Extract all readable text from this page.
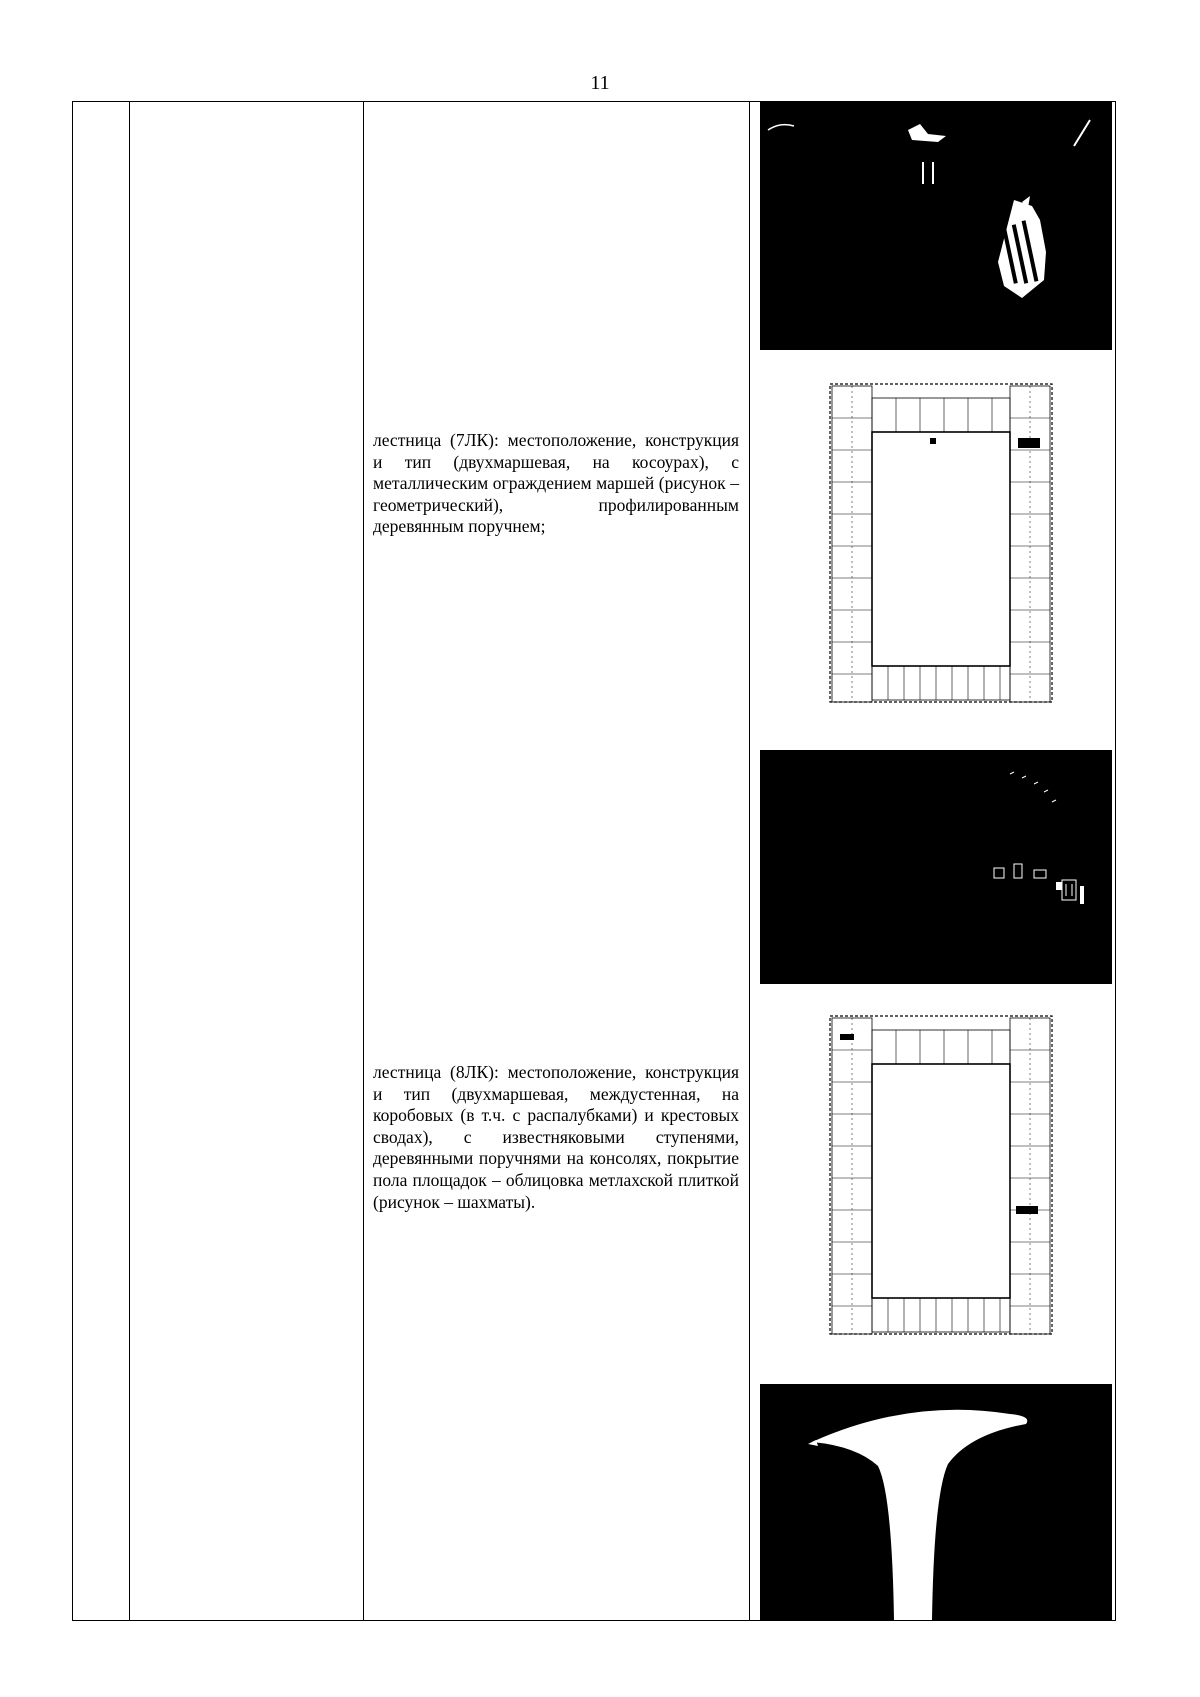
11
лестница (7ЛК): местоположение, конструкция и тип (двухмаршевая, на косоурах), с металлическим ограждением маршей (рисунок – геометрический), профилированным деревянным поручнем;
лестница (8ЛК): местоположение, конструкция и тип (двухмаршевая, междустенная, на коробовых (в т.ч. с распалубками) и крестовых сводах), с известняковыми ступенями, деревянными поручнями на консолях, покрытие пола площадок – облицовка метлахской плиткой (рисунок – шахматы).
